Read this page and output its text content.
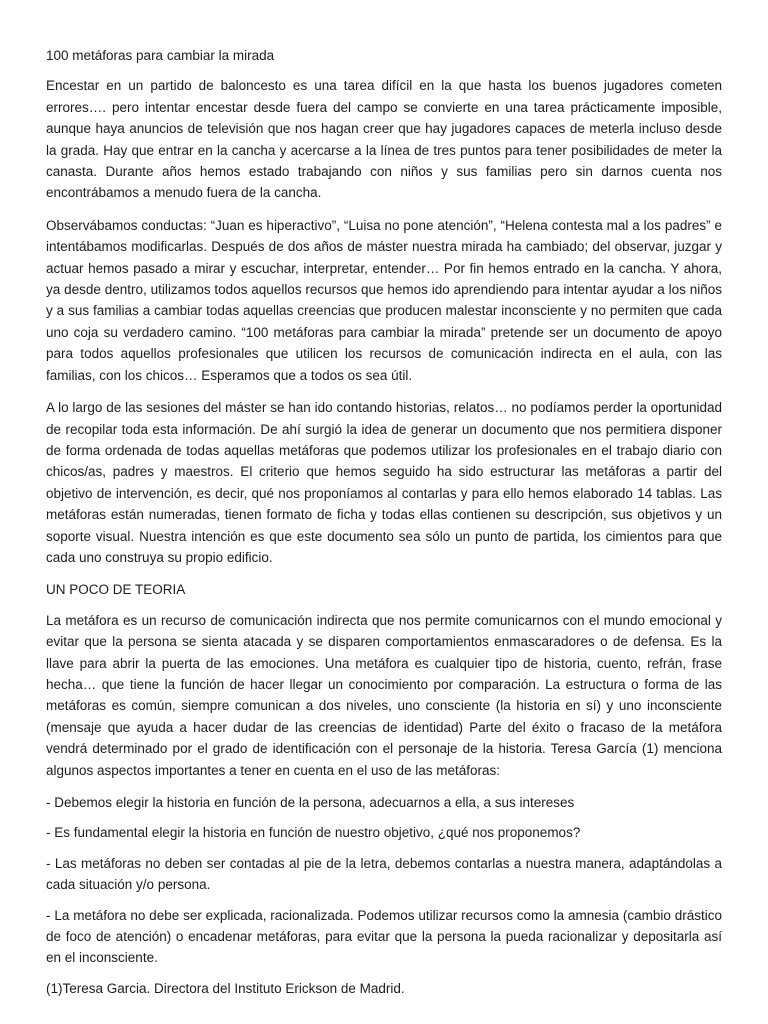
100 metáforas para cambiar la mirada

Encestar en un partido de baloncesto es una tarea difícil en la que hasta los buenos jugadores cometen errores…. pero intentar encestar desde fuera del campo se convierte en una tarea prácticamente imposible, aunque haya anuncios de televisión que nos hagan creer que hay jugadores capaces de meterla incluso desde la grada. Hay que entrar en la cancha y acercarse a la línea de tres puntos para tener posibilidades de meter la canasta. Durante años hemos estado trabajando con niños y sus familias pero sin darnos cuenta nos encontrábamos a menudo fuera de la cancha.

Observábamos conductas: “Juan es hiperactivo”, “Luisa no pone atención”, “Helena contesta mal a los padres” e intentábamos modificarlas. Después de dos años de máster nuestra mirada ha cambiado; del observar, juzgar y actuar hemos pasado a mirar y escuchar, interpretar, entender… Por fin hemos entrado en la cancha. Y ahora, ya desde dentro, utilizamos todos aquellos recursos que hemos ido aprendiendo para intentar ayudar a los niños y a sus familias a cambiar todas aquellas creencias que producen malestar inconsciente y no permiten que cada uno coja su verdadero camino. “100 metáforas para cambiar la mirada” pretende ser un documento de apoyo para todos aquellos profesionales que utilicen los recursos de comunicación indirecta en el aula, con las familias, con los chicos… Esperamos que a todos os sea útil.

A lo largo de las sesiones del máster se han ido contando historias, relatos… no podíamos perder la oportunidad de recopilar toda esta información. De ahí surgió la idea de generar un documento que nos permitiera disponer de forma ordenada de todas aquellas metáforas que podemos utilizar los profesionales en el trabajo diario con chicos/as, padres y maestros. El criterio que hemos seguido ha sido estructurar las metáforas a partir del objetivo de intervención, es decir, qué nos proponíamos al contarlas y para ello hemos elaborado 14 tablas. Las metáforas están numeradas, tienen formato de ficha y todas ellas contienen su descripción, sus objetivos y un soporte visual. Nuestra intención es que este documento sea sólo un punto de partida, los cimientos para que cada uno construya su propio edificio.

UN POCO DE TEORIA

La metáfora es un recurso de comunicación indirecta que nos permite comunicarnos con el mundo emocional y evitar que la persona se sienta atacada y se disparen comportamientos enmascaradores o de defensa. Es la llave para abrir la puerta de las emociones. Una metáfora es cualquier tipo de historia, cuento, refrán, frase hecha… que tiene la función de hacer llegar un conocimiento por comparación. La estructura o forma de las metáforas es común, siempre comunican a dos niveles, uno consciente (la historia en sí) y uno inconsciente (mensaje que ayuda a hacer dudar de las creencias de identidad) Parte del éxito o fracaso de la metáfora vendrá determinado por el grado de identificación con el personaje de la historia. Teresa García (1) menciona algunos aspectos importantes a tener en cuenta en el uso de las metáforas:

- Debemos elegir la historia en función de la persona, adecuarnos a ella, a sus intereses

- Es fundamental elegir la historia en función de nuestro objetivo, ¿qué nos proponemos?

- Las metáforas no deben ser contadas al pie de la letra, debemos contarlas a nuestra manera, adaptándolas a cada situación y/o persona.

- La metáfora no debe ser explicada, racionalizada. Podemos utilizar recursos como la amnesia (cambio drástico de foco de atención) o encadenar metáforas, para evitar que la persona la pueda racionalizar y depositarla así en el inconsciente.

(1)Teresa Garcia. Directora del Instituto Erickson de Madrid.
